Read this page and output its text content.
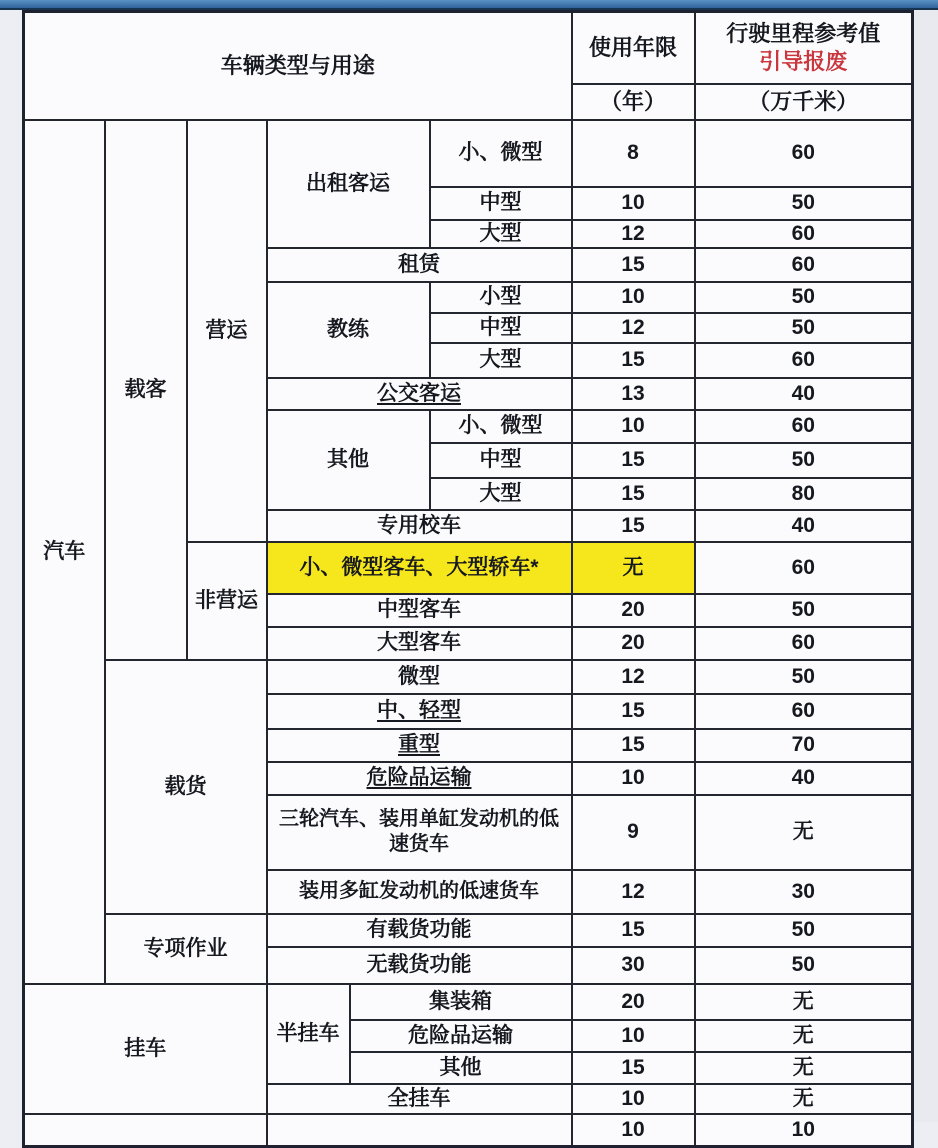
车辆类型与用途						使用年限	行驶里程参考值
引导报废

						（年）	（万千米）
汽车	载客	营运	出租客运		小、微型	8	60
					中型	10	50
					大型	12	60
			租赁			15	60
			教练		小型	10	50
					中型	12	50
					大型	15	60
			公交客运			13	40
			其他		小、微型	10	60
					中型	15	50
					大型	15	80
			专用校车			15	40
		非营运	小、微型客车、大型轿车*			无	60
			中型客车			20	50
			大型客车			20	60
	载货		微型			12	50
			中、轻型			15	60
			重型			15	70
			危险品运输			10	40
			三轮汽车、装用单缸发动机的低速货车			9	无
			装用多缸发动机的低速货车			12	30
	专项作业		有载货功能			15	50
			无载货功能			30	50
挂车			半挂车	集装箱		20	无
				危险品运输		10	无
				其他		15	无
			全挂车			10	无

						10	10
